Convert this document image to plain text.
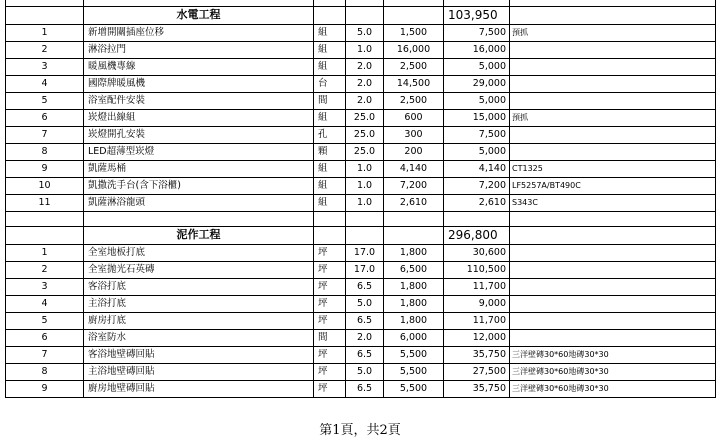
	水電工程				103,950	
1	新增開關插座位移	組	5.0	1,500	7,500	預抓
2	淋浴拉門	組	1.0	16,000	16,000	
3	暖風機專線	組	2.0	2,500	5,000	
4	國際牌暖風機	台	2.0	14,500	29,000	
5	浴室配件安裝	間	2.0	2,500	5,000	
6	崁燈出線組	組	25.0	600	15,000	預抓
7	崁燈開孔安裝	孔	25.0	300	7,500	
8	LED超薄型崁燈	顆	25.0	200	5,000	
9	凱薩馬桶	組	1.0	4,140	4,140	CT1325
10	凱撒洗手台(含下浴櫃)	組	1.0	7,200	7,200	LF5257A/BT490C
11	凱薩淋浴龍頭	組	1.0	2,610	2,610	S343C

	泥作工程				296,800	
1	全室地板打底	坪	17.0	1,800	30,600	
2	全室拋光石英磚	坪	17.0	6,500	110,500	
3	客浴打底	坪	6.5	1,800	11,700	
4	主浴打底	坪	5.0	1,800	9,000	
5	廚房打底	坪	6.5	1,800	11,700	
6	浴室防水	間	2.0	6,000	12,000	
7	客浴地壁磚回貼	坪	6.5	5,500	35,750	三洋壁磚30*60地磚30*30
8	主浴地壁磚回貼	坪	5.0	5,500	27,500	三洋壁磚30*60地磚30*30
9	廚房地壁磚回貼	坪	6.5	5,500	35,750	三洋壁磚30*60地磚30*30
第1頁，共2頁
